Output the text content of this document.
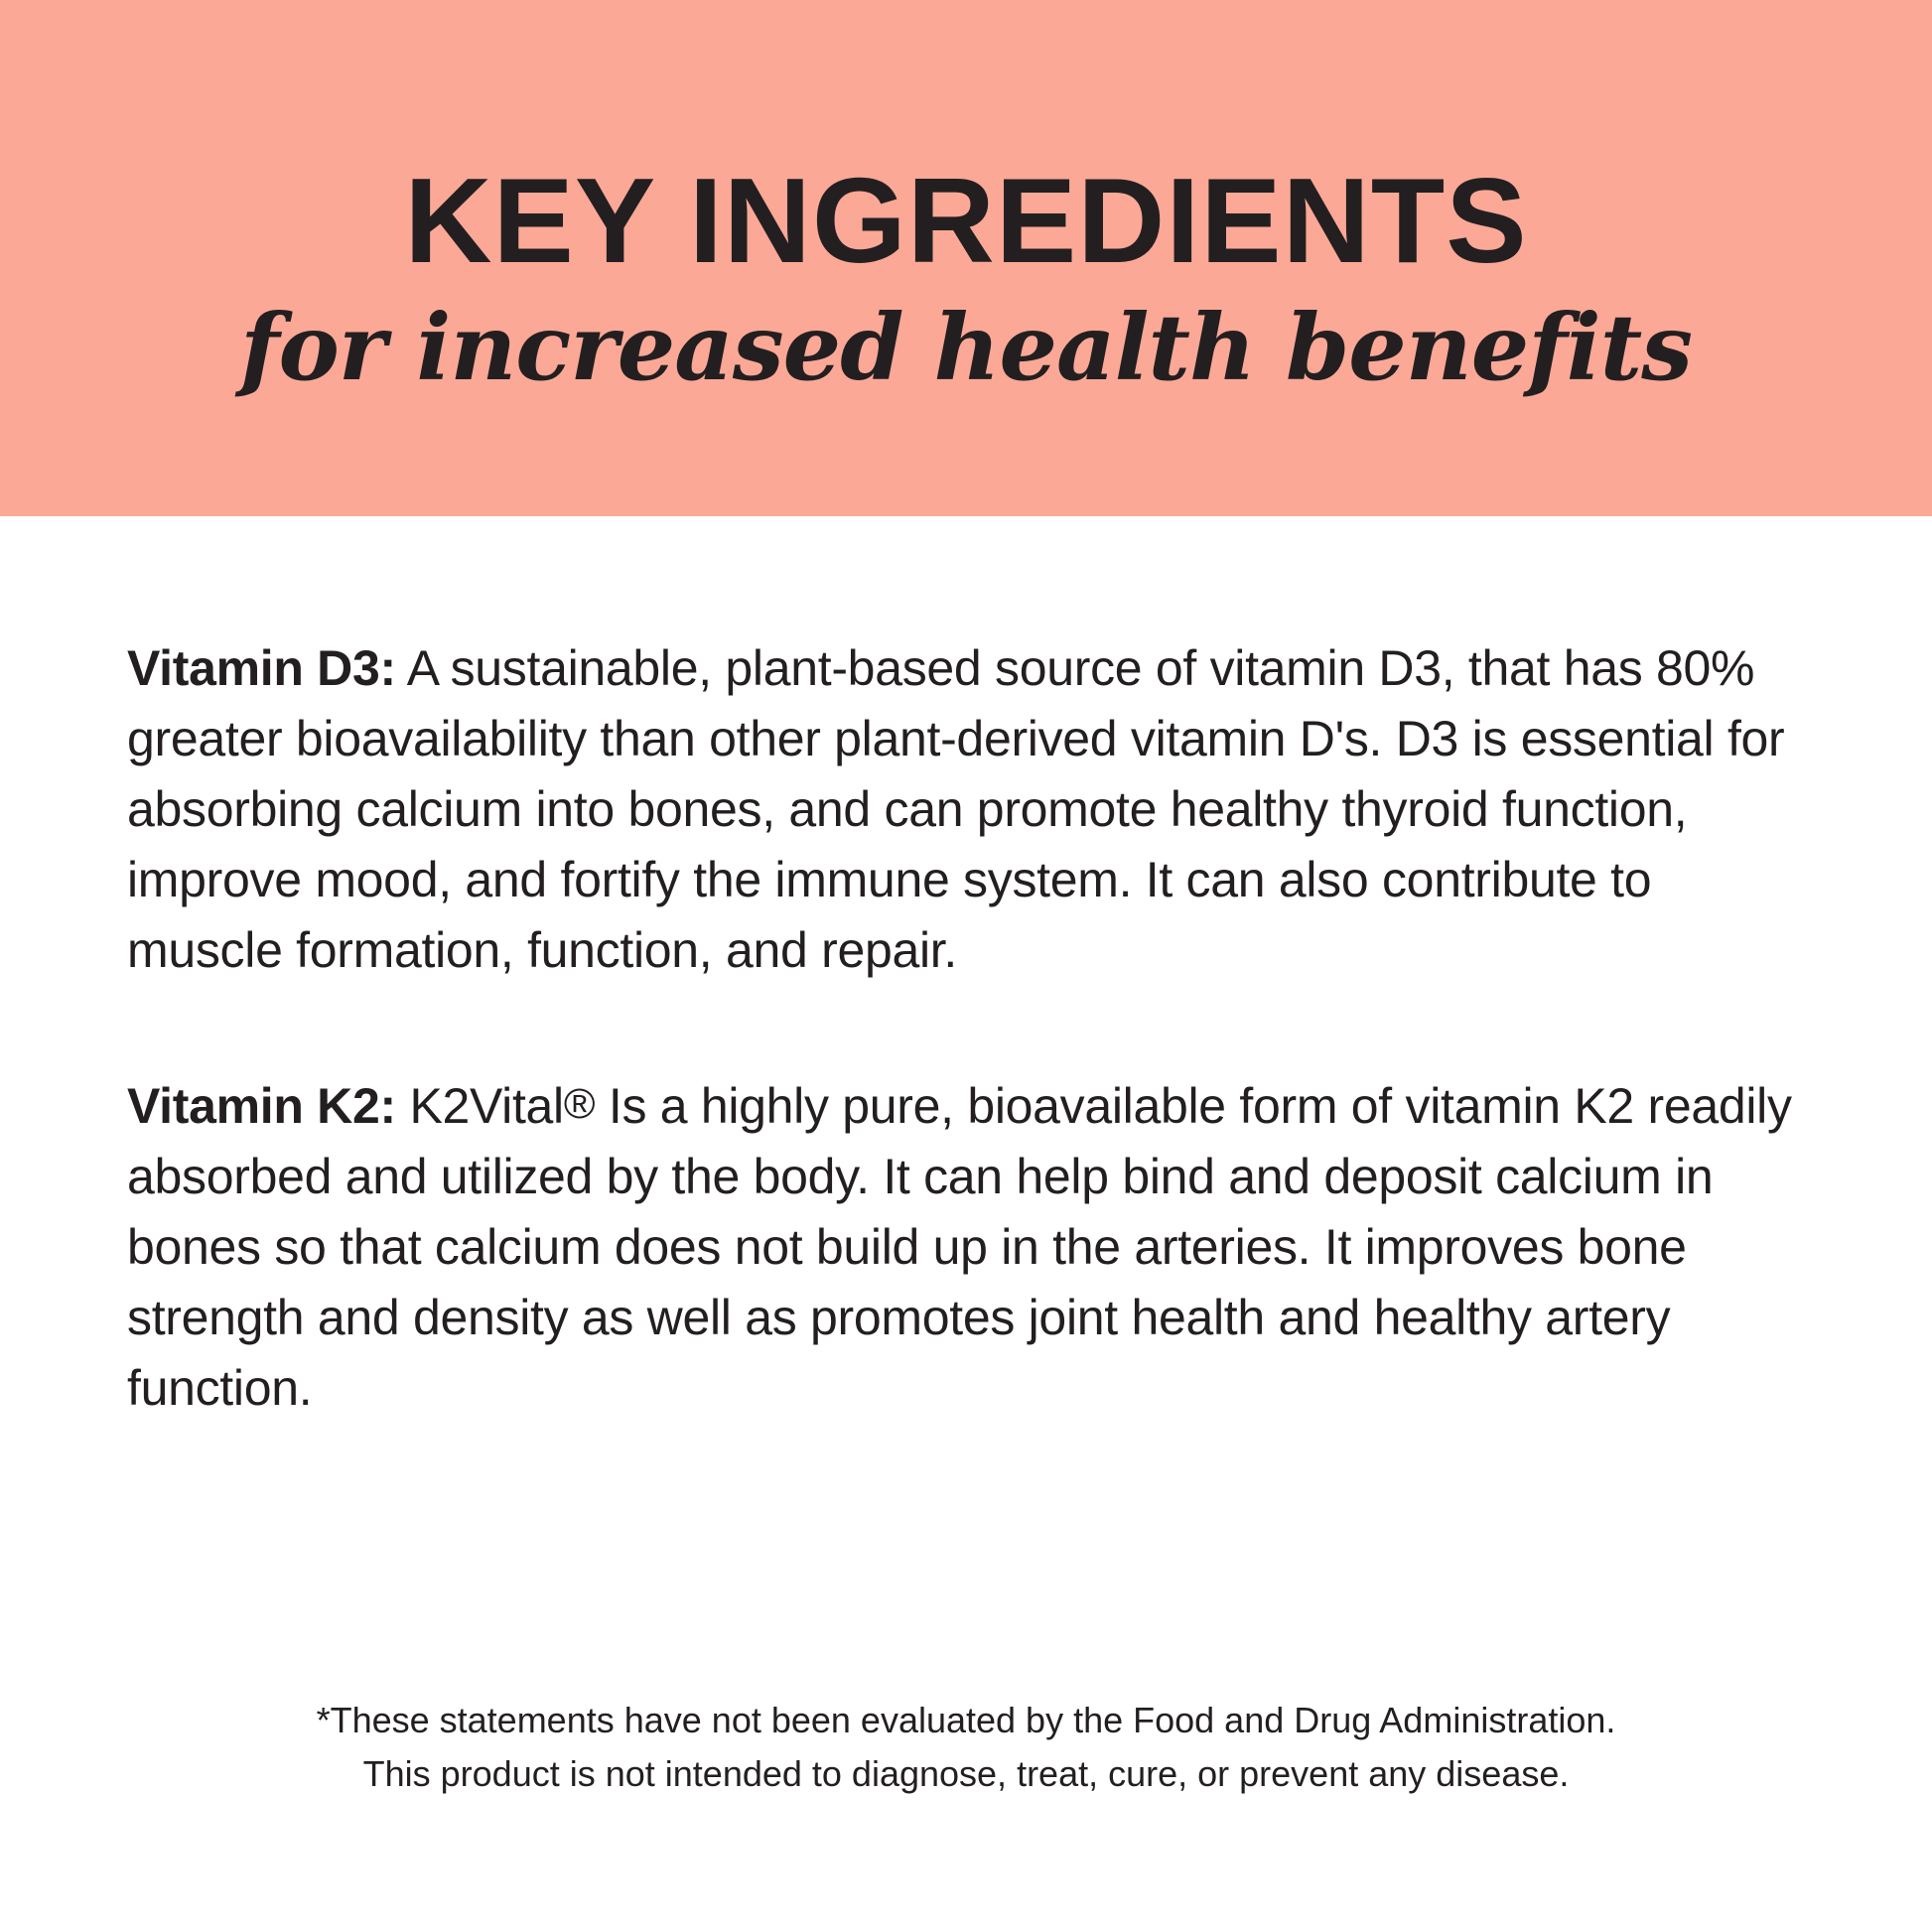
KEY INGREDIENTS
for increased health benefits

Vitamin D3: A sustainable, plant-based source of vitamin D3, that has 80% greater bioavailability than other plant-derived vitamin D's. D3 is essential for absorbing calcium into bones, and can promote healthy thyroid function, improve mood, and fortify the immune system. It can also contribute to muscle formation, function, and repair.

Vitamin K2: K2Vital® Is a highly pure, bioavailable form of vitamin K2 readily absorbed and utilized by the body. It can help bind and deposit calcium in bones so that calcium does not build up in the arteries. It improves bone strength and density as well as promotes joint health and healthy artery function.

*These statements have not been evaluated by the Food and Drug Administration.
This product is not intended to diagnose, treat, cure, or prevent any disease.
